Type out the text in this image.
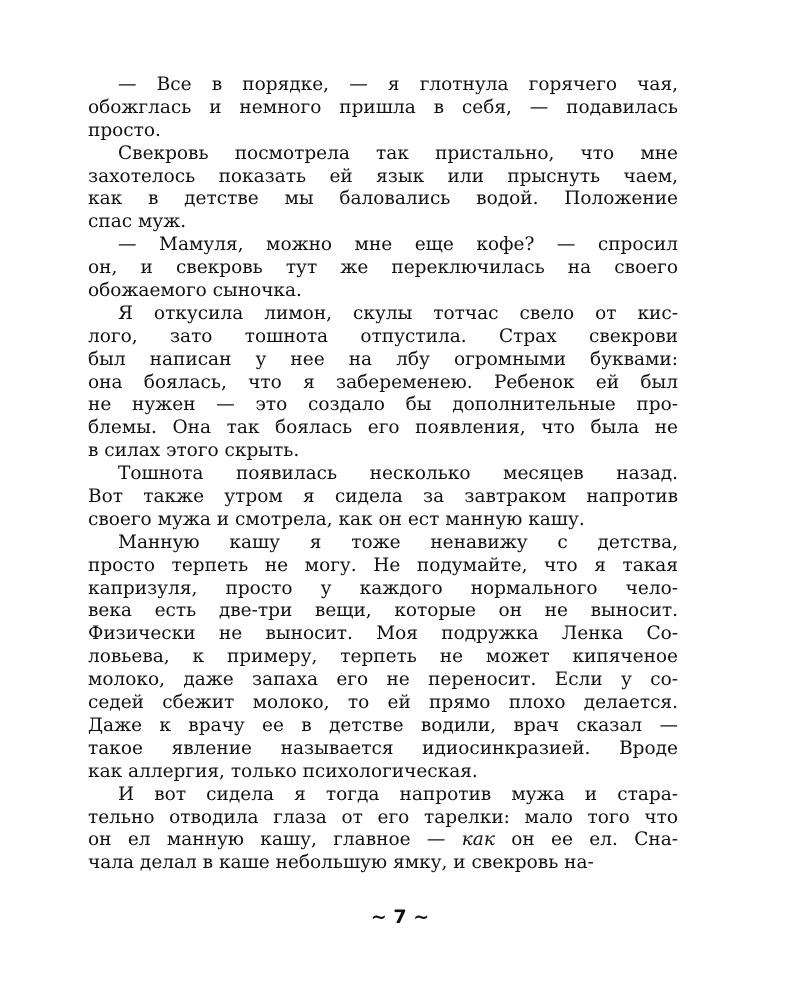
— Все в порядке, — я глотнула горячего чая,
обожглась и немного пришла в себя, — подавилась
просто.
Свекровь посмотрела так пристально, что мне
захотелось показать ей язык или прыснуть чаем,
как в детстве мы баловались водой. Положение
спас муж.
— Мамуля, можно мне еще кофе? — спросил
он, и свекровь тут же переключилась на своего
обожаемого сыночка.
Я откусила лимон, скулы тотчас свело от кис-
лого, зато тошнота отпустила. Страх свекрови
был написан у нее на лбу огромными буквами:
она боялась, что я забеременею. Ребенок ей был
не нужен — это создало бы дополнительные про-
блемы. Она так боялась его появления, что была не
в силах этого скрыть.
Тошнота появилась несколько месяцев назад.
Вот также утром я сидела за завтраком напротив
своего мужа и смотрела, как он ест манную кашу.
Манную кашу я тоже ненавижу с детства,
просто терпеть не могу. Не подумайте, что я такая
капризуля, просто у каждого нормального чело-
века есть две-три вещи, которые он не выносит.
Физически не выносит. Моя подружка Ленка Со-
ловьева, к примеру, терпеть не может кипяченое
молоко, даже запаха его не переносит. Если у со-
седей сбежит молоко, то ей прямо плохо делается.
Даже к врачу ее в детстве водили, врач сказал —
такое явление называется идиосинкразией. Вроде
как аллергия, только психологическая.
И вот сидела я тогда напротив мужа и стара-
тельно отводила глаза от его тарелки: мало того что
он ел манную кашу, главное — как он ее ел. Сна-
чала делал в каше небольшую ямку, и свекровь на-
~ 7 ~
